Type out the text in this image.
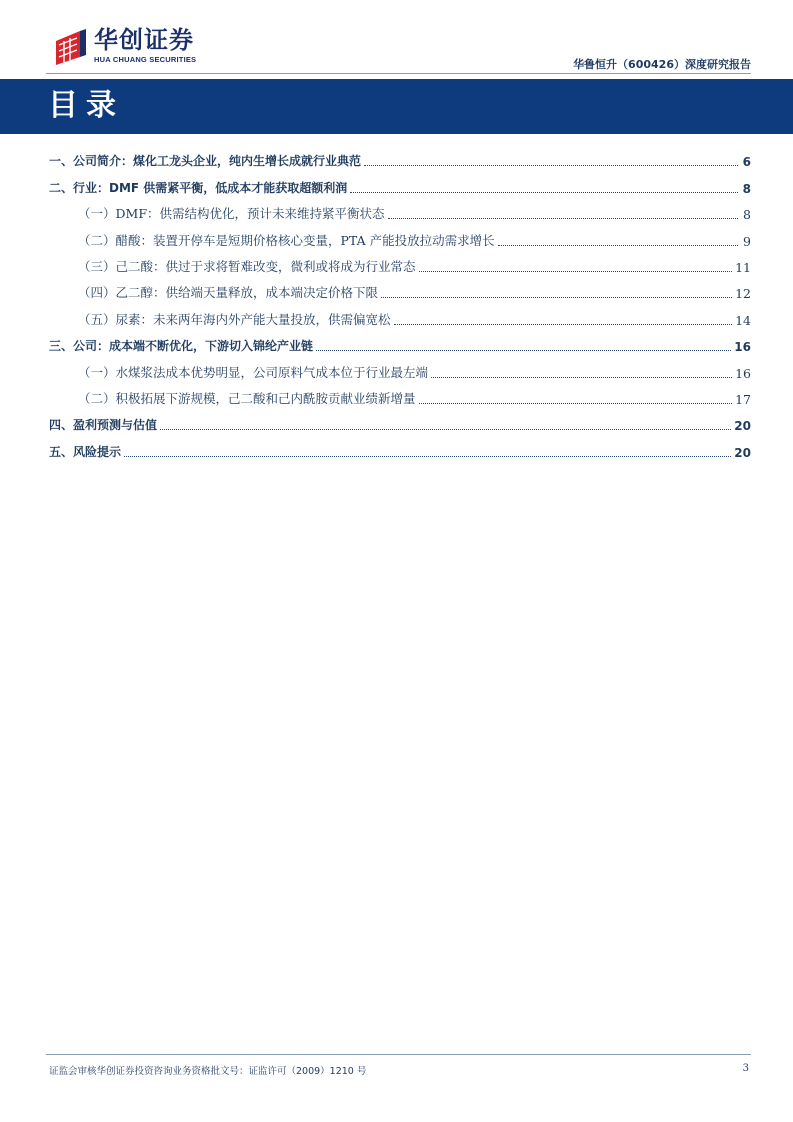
华创证券
HUA CHUANG SECURITIES	华鲁恒升（600426）深度研究报告
目录
一、公司简介：煤化工龙头企业，纯内生增长成就行业典范	6
二、行业：DMF 供需紧平衡，低成本才能获取超额利润	8
（一）DMF：供需结构优化，预计未来维持紧平衡状态	8
（二）醋酸：装置开停车是短期价格核心变量，PTA 产能投放拉动需求增长	9
（三）己二酸：供过于求将暂难改变，微利或将成为行业常态	11
（四）乙二醇：供给端天量释放，成本端决定价格下限	12
（五）尿素：未来两年海内外产能大量投放，供需偏宽松	14
三、公司：成本端不断优化，下游切入锦纶产业链	16
（一）水煤浆法成本优势明显，公司原料气成本位于行业最左端	16
（二）积极拓展下游规模，己二酸和己内酰胺贡献业绩新增量	17
四、盈利预测与估值	20
五、风险提示	20
证监会审核华创证券投资咨询业务资格批文号：证监许可（2009）1210 号	3
